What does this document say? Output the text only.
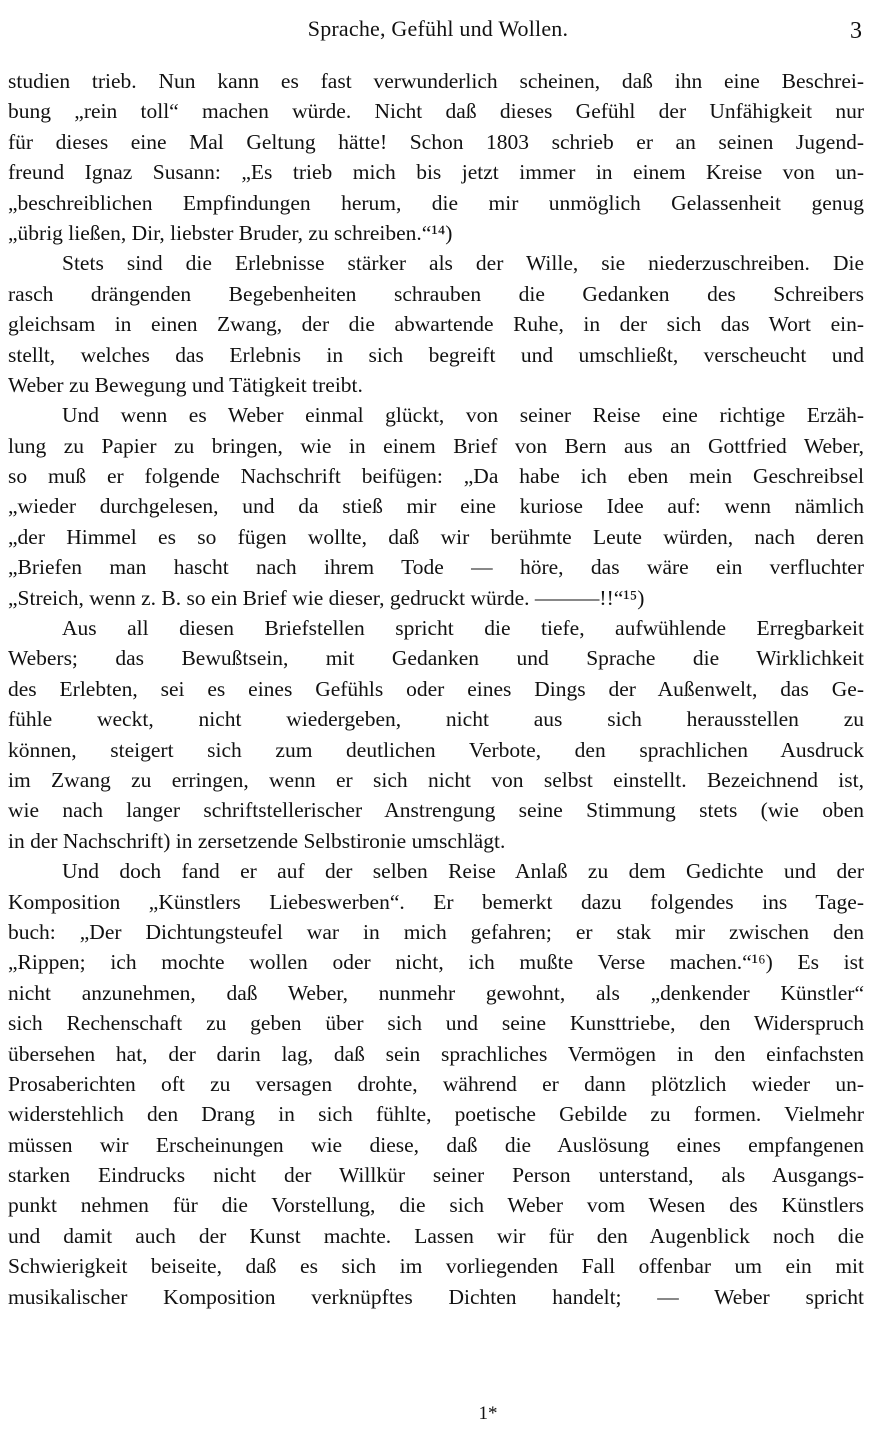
Sprache, Gefühl und Wollen.	3
studien trieb. Nun kann es fast verwunderlich scheinen, daß ihn eine Beschrei-
bung „rein toll“ machen würde. Nicht daß dieses Gefühl der Unfähigkeit nur
für dieses eine Mal Geltung hätte! Schon 1803 schrieb er an seinen Jugend-
freund Ignaz Susann: „Es trieb mich bis jetzt immer in einem Kreise von un-
„beschreiblichen Empfindungen herum, die mir unmöglich Gelassenheit genug
„übrig ließen, Dir, liebster Bruder, zu schreiben.“¹⁴)
Stets sind die Erlebnisse stärker als der Wille, sie niederzuschreiben. Die
rasch drängenden Begebenheiten schrauben die Gedanken des Schreibers
gleichsam in einen Zwang, der die abwartende Ruhe, in der sich das Wort ein-
stellt, welches das Erlebnis in sich begreift und umschließt, verscheucht und
Weber zu Bewegung und Tätigkeit treibt.
Und wenn es Weber einmal glückt, von seiner Reise eine richtige Erzäh-
lung zu Papier zu bringen, wie in einem Brief von Bern aus an Gottfried Weber,
so muß er folgende Nachschrift beifügen: „Da habe ich eben mein Geschreibsel
„wieder durchgelesen, und da stieß mir eine kuriose Idee auf: wenn nämlich
„der Himmel es so fügen wollte, daß wir berühmte Leute würden, nach deren
„Briefen man hascht nach ihrem Tode — höre, das wäre ein verfluchter
„Streich, wenn z. B. so ein Brief wie dieser, gedruckt würde. ———!!“¹⁵)
Aus all diesen Briefstellen spricht die tiefe, aufwühlende Erregbarkeit
Webers; das Bewußtsein, mit Gedanken und Sprache die Wirklichkeit
des Erlebten, sei es eines Gefühls oder eines Dings der Außenwelt, das Ge-
fühle weckt, nicht wiedergeben, nicht aus sich herausstellen zu
können, steigert sich zum deutlichen Verbote, den sprachlichen Ausdruck
im Zwang zu erringen, wenn er sich nicht von selbst einstellt. Bezeichnend ist,
wie nach langer schriftstellerischer Anstrengung seine Stimmung stets (wie oben
in der Nachschrift) in zersetzende Selbstironie umschlägt.
Und doch fand er auf der selben Reise Anlaß zu dem Gedichte und der
Komposition „Künstlers Liebeswerben“. Er bemerkt dazu folgendes ins Tage-
buch: „Der Dichtungsteufel war in mich gefahren; er stak mir zwischen den
„Rippen; ich mochte wollen oder nicht, ich mußte Verse machen.“¹⁶) Es ist
nicht anzunehmen, daß Weber, nunmehr gewohnt, als „denkender Künstler“
sich Rechenschaft zu geben über sich und seine Kunsttriebe, den Widerspruch
übersehen hat, der darin lag, daß sein sprachliches Vermögen in den einfachsten
Prosaberichten oft zu versagen drohte, während er dann plötzlich wieder un-
widerstehlich den Drang in sich fühlte, poetische Gebilde zu formen. Vielmehr
müssen wir Erscheinungen wie diese, daß die Auslösung eines empfangenen
starken Eindrucks nicht der Willkür seiner Person unterstand, als Ausgangs-
punkt nehmen für die Vorstellung, die sich Weber vom Wesen des Künstlers
und damit auch der Kunst machte. Lassen wir für den Augenblick noch die
Schwierigkeit beiseite, daß es sich im vorliegenden Fall offenbar um ein mit
musikalischer Komposition verknüpftes Dichten handelt; — Weber spricht
1*
